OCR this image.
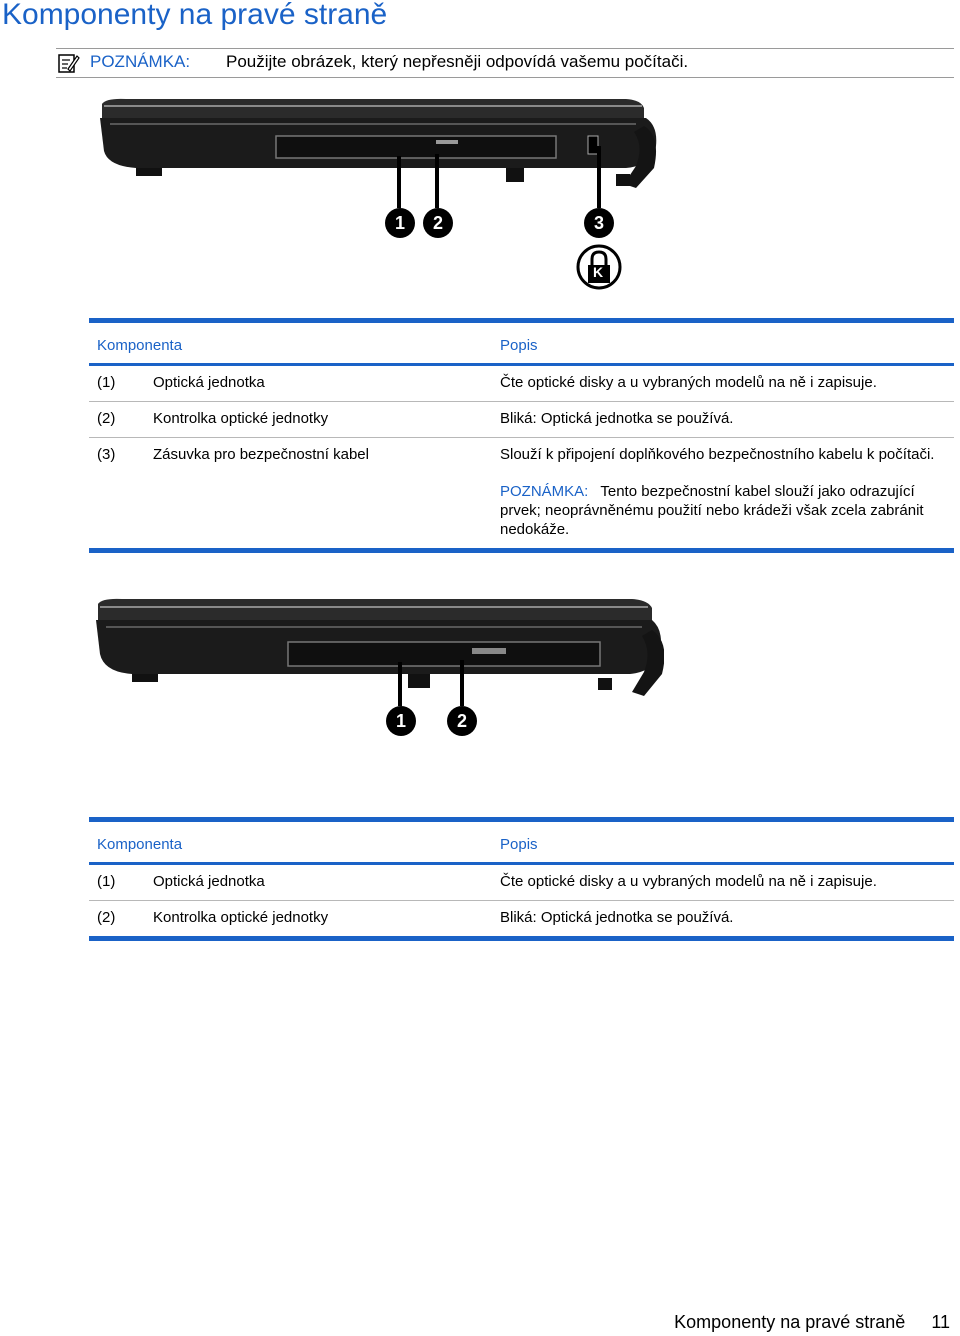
Komponenty na pravé straně
POZNÁMKA: Použijte obrázek, který nepřesněji odpovídá vašemu počítači.
1	2	3
K
Komponenta		Popis
(1)	Optická jednotka	Čte optické disky a u vybraných modelů na ně i zapisuje.
(2)	Kontrolka optické jednotky	Bliká: Optická jednotka se používá.
(3)	Zásuvka pro bezpečnostní kabel	Slouží k připojení doplňkového bezpečnostního kabelu k počítači.
POZNÁMKA: Tento bezpečnostní kabel slouží jako odrazující prvek; neoprávněnému použití nebo krádeži však zcela zabránit nedokáže.
1	2
Komponenta		Popis
(1)	Optická jednotka	Čte optické disky a u vybraných modelů na ně i zapisuje.
(2)	Kontrolka optické jednotky	Bliká: Optická jednotka se používá.
Komponenty na pravé straně 11
